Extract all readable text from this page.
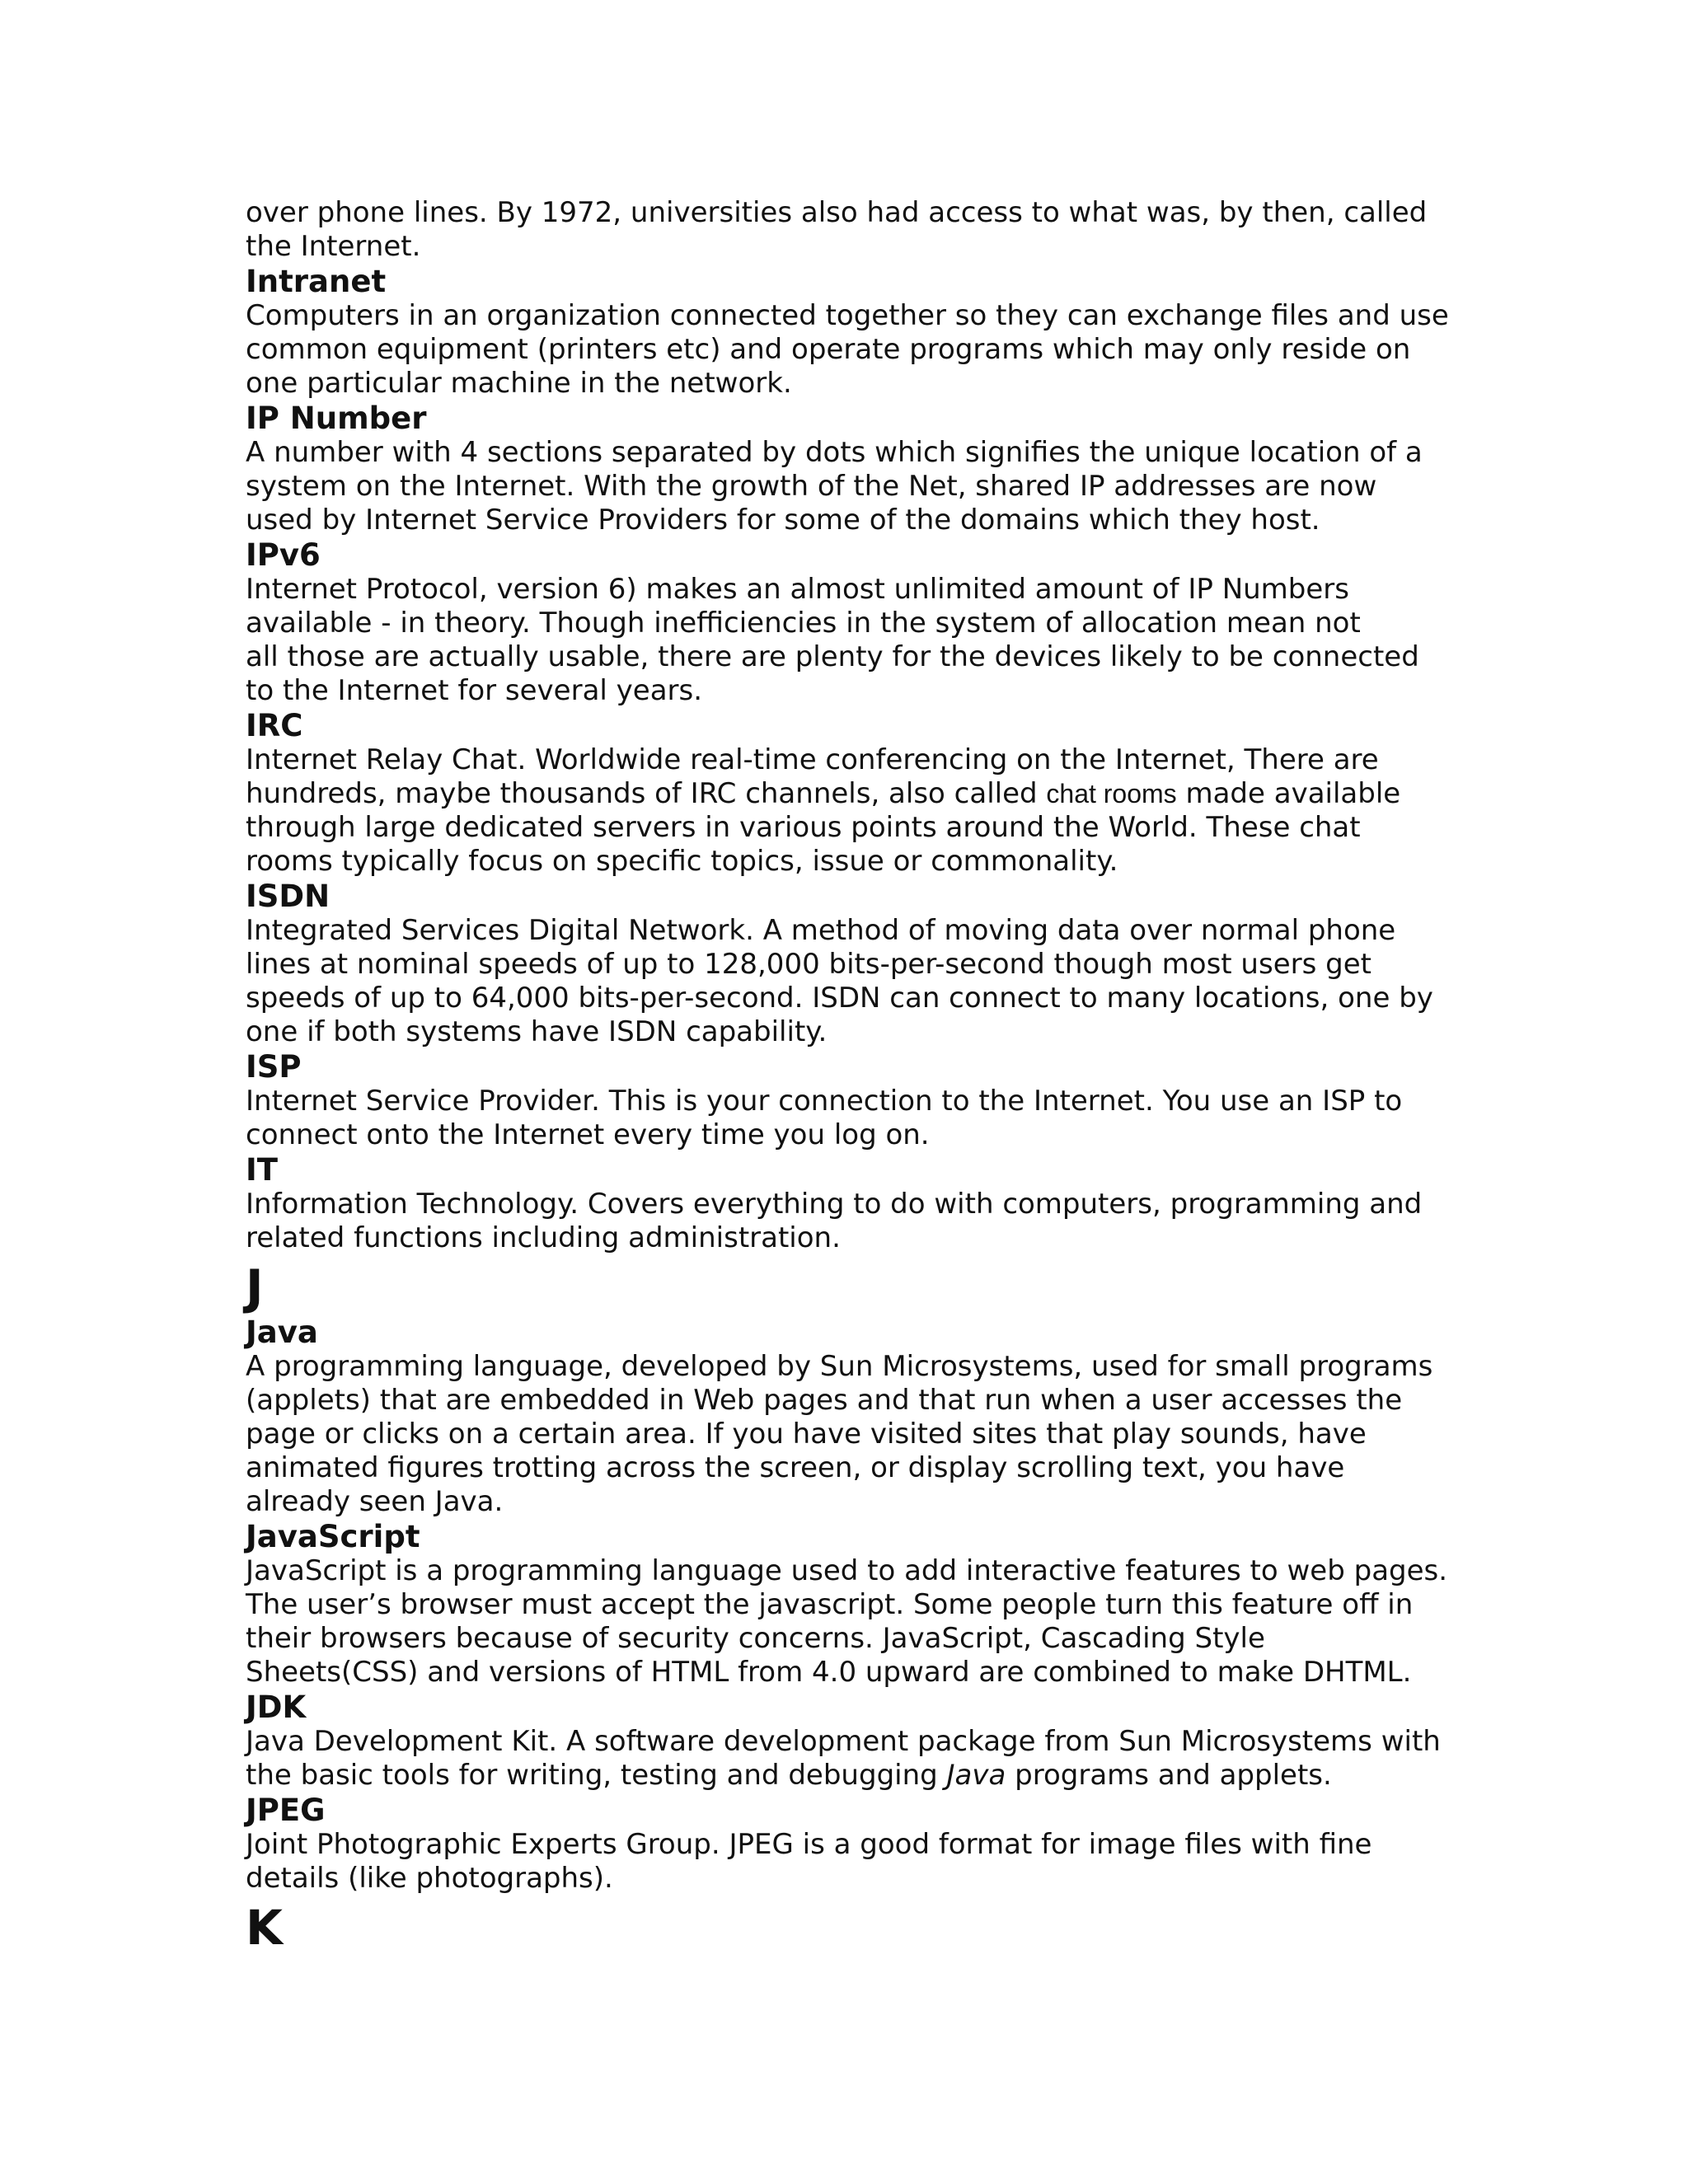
over phone lines. By 1972, universities also had access to what was, by then, called
the Internet.

Intranet

Computers in an organization connected together so they can exchange files and use
common equipment (printers etc) and operate programs which may only reside on
one particular machine in the network.

IP Number

A number with 4 sections separated by dots which signifies the unique location of a
system on the Internet. With the growth of the Net, shared IP addresses are now
used by Internet Service Providers for some of the domains which they host.

IPv6

Internet Protocol, version 6) makes an almost unlimited amount of IP Numbers
available - in theory. Though inefficiencies in the system of allocation mean not
all those are actually usable, there are plenty for the devices likely to be connected
to the Internet for several years.

IRC

Internet Relay Chat. Worldwide real-time conferencing on the Internet, There are
hundreds, maybe thousands of IRC channels, also called chat rooms made available
through large dedicated servers in various points around the World. These chat
rooms typically focus on specific topics, issue or commonality.

ISDN

Integrated Services Digital Network. A method of moving data over normal phone
lines at nominal speeds of up to 128,000 bits-per-second though most users get
speeds of up to 64,000 bits-per-second. ISDN can connect to many locations, one by
one if both systems have ISDN capability.

ISP

Internet Service Provider. This is your connection to the Internet. You use an ISP to
connect onto the Internet every time you log on.

IT

Information Technology. Covers everything to do with computers, programming and
related functions including administration.

J

Java

A programming language, developed by Sun Microsystems, used for small programs
(applets) that are embedded in Web pages and that run when a user accesses the
page or clicks on a certain area. If you have visited sites that play sounds, have
animated figures trotting across the screen, or display scrolling text, you have
already seen Java.

JavaScript

JavaScript is a programming language used to add interactive features to web pages.
The user’s browser must accept the javascript. Some people turn this feature off in
their browsers because of security concerns. JavaScript, Cascading Style
Sheets(CSS) and versions of HTML from 4.0 upward are combined to make DHTML.

JDK

Java Development Kit. A software development package from Sun Microsystems with
the basic tools for writing, testing and debugging Java programs and applets.

JPEG

Joint Photographic Experts Group. JPEG is a good format for image files with fine
details (like photographs).

K
